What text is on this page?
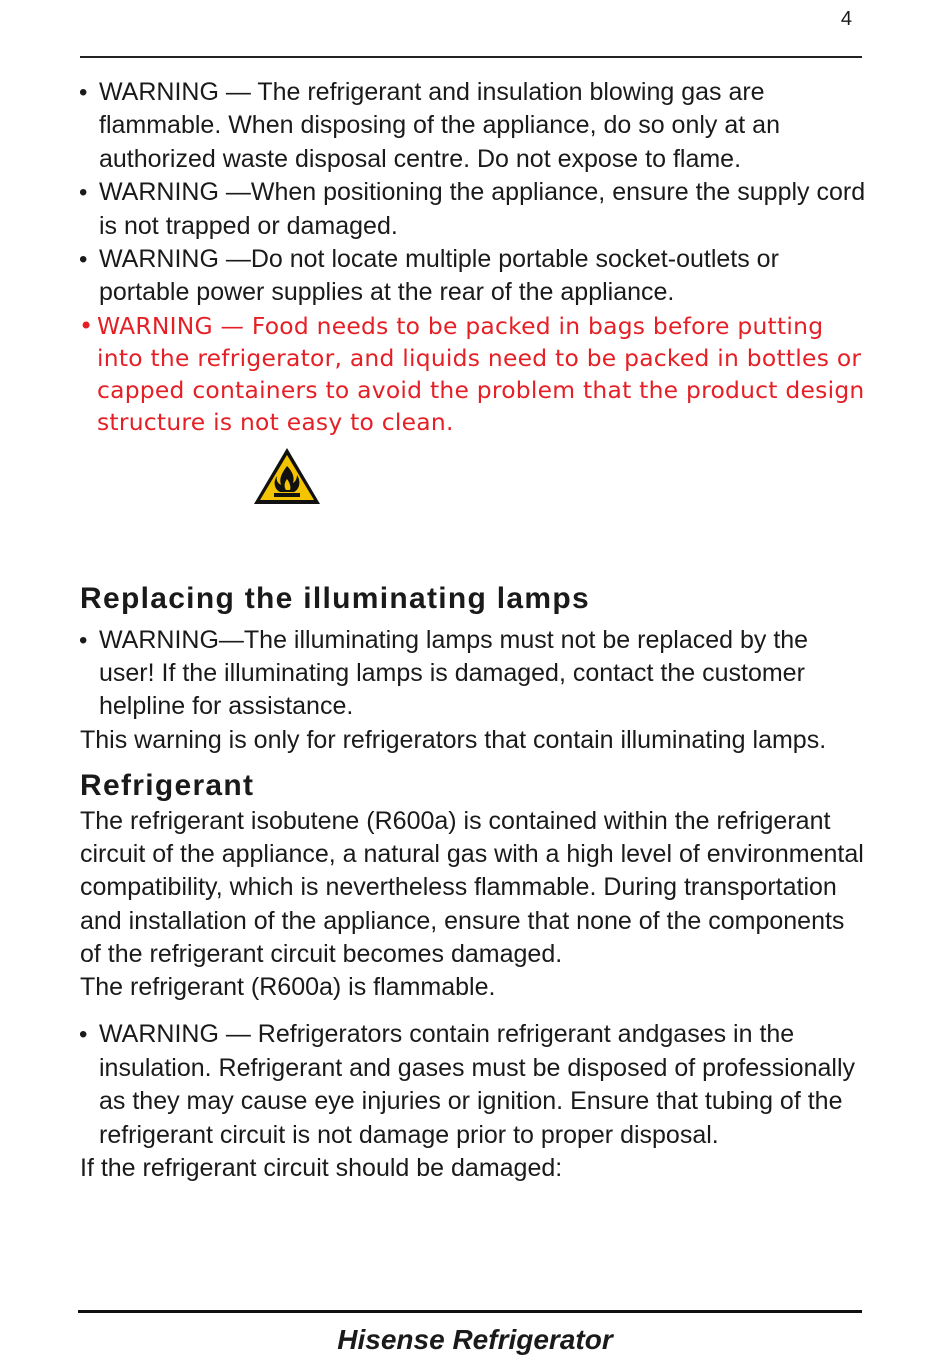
4
• WARNING — The refrigerant and insulation blowing gas are flammable. When disposing of the appliance, do so only at an authorized waste disposal centre. Do not expose to flame.
• WARNING —When positioning the appliance, ensure the supply cord is not trapped or damaged.
• WARNING —Do not locate multiple portable socket-outlets or portable power supplies at the rear of the appliance.
• WARNING — Food needs to be packed in bags before putting into the refrigerator, and liquids need to be packed in bottles or capped containers to avoid the problem that the product design structure is not easy to clean.
Replacing the illuminating lamps
• WARNING—The illuminating lamps must not be replaced by the user! If the illuminating lamps is damaged, contact the customer helpline for assistance.
This warning is only for refrigerators that contain illuminating lamps.
Refrigerant
The refrigerant isobutene (R600a) is contained within the refrigerant circuit of the appliance, a natural gas with a high level of environmental compatibility, which is nevertheless flammable. During transportation and installation of the appliance, ensure that none of the components of the refrigerant circuit becomes damaged.
The refrigerant (R600a) is flammable.
• WARNING — Refrigerators contain refrigerant andgases in the insulation. Refrigerant and gases must be disposed of professionally as they may cause eye injuries or ignition. Ensure that tubing of the refrigerant circuit is not damage prior to proper disposal.
If the refrigerant circuit should be damaged:
Hisense Refrigerator
